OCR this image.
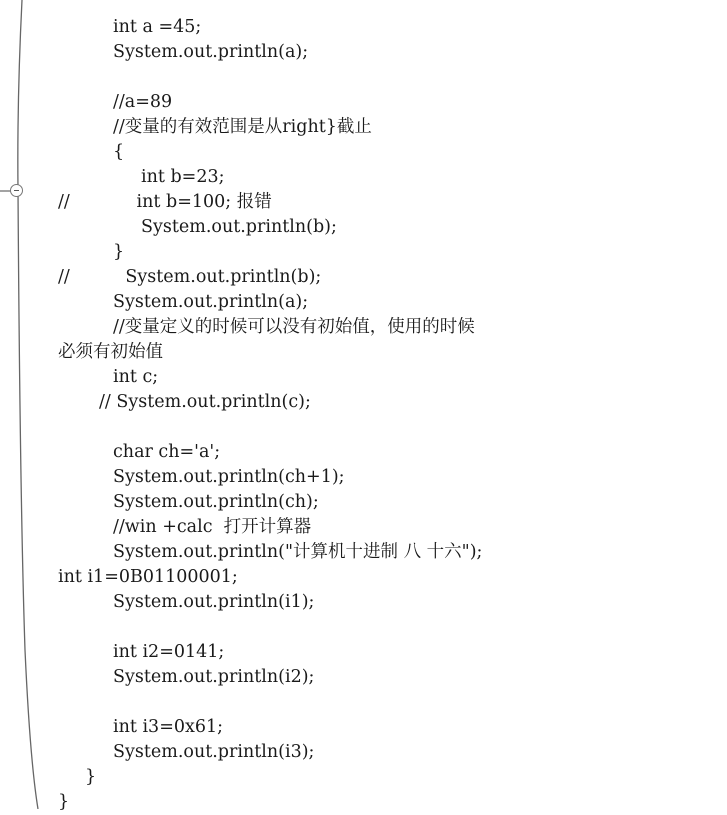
int a =45;
System.out.println(a);
//a=89
//变量的有效范围是从right}截止
{
int b=23;
//            int b=100; 报错
System.out.println(b);
}
//          System.out.println(b);
System.out.println(a);
//变量定义的时候可以没有初始值，使用的时候
必须有初始值
int c;
// System.out.println(c);
char ch='a';
System.out.println(ch+1);
System.out.println(ch);
//win +calc  打开计算器
System.out.println("计算机十进制 八 十六");
int i1=0B01100001;
System.out.println(i1);
int i2=0141;
System.out.println(i2);
int i3=0x61;
System.out.println(i3);
}
}
